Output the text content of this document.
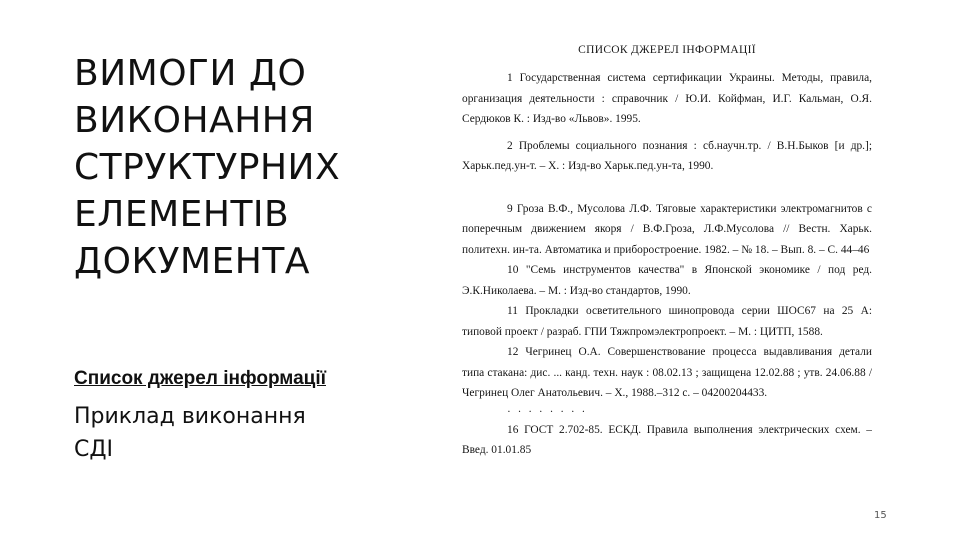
ВИМОГИ ДО
ВИКОНАННЯ
СТРУКТУРНИХ
ЕЛЕМЕНТІВ
ДОКУМЕНТА
Список джерел інформації
Приклад виконання
СДІ
СПИСОК ДЖЕРЕЛ ІНФОРМАЦІЇ

1 Государственная система сертификации Украины. Методы, правила, организация деятельности : справочник / Ю.И. Койфман, И.Г. Кальман, О.Я. Сердюков К. : Изд-во «Львов». 1995.

2 Проблемы социального познания : сб.научн.тр. / В.Н.Быков [и др.]; Харьк.пед.ун-т. – Х. : Изд-во Харьк.пед.ун-та, 1990.

9 Гроза В.Ф., Мусолова Л.Ф. Тяговые характеристики электромагнитов с поперечным движением якоря / В.Ф.Гроза, Л.Ф.Мусолова // Вестн. Харьк. политехн. ин-та. Автоматика и приборостроение. 1982. – № 18. – Вып. 8. – С. 44–46

10 "Семь инструментов качества" в Японской экономике / под ред. Э.К.Николаева. – М. : Изд-во стандартов, 1990.

11 Прокладки осветительного шинопровода серии ШОС67 на 25 А: типовой проект / разраб. ГПИ Тяжпромэлектропроект. – М. : ЦИТП, 1588.

12 Чегринец О.А. Совершенствование процесса выдавливания детали типа стакана: дис. ... канд. техн. наук : 08.02.13 ; защищена 12.02.88 ; утв. 24.06.88 / Чегринец Олег Анатольевич. – Х., 1988.–312 с. – 04200204433.

· · · · · · · ·

16 ГОСТ 2.702-85. ЕСКД. Правила выполнения электрических схем. – Введ. 01.01.85

15
